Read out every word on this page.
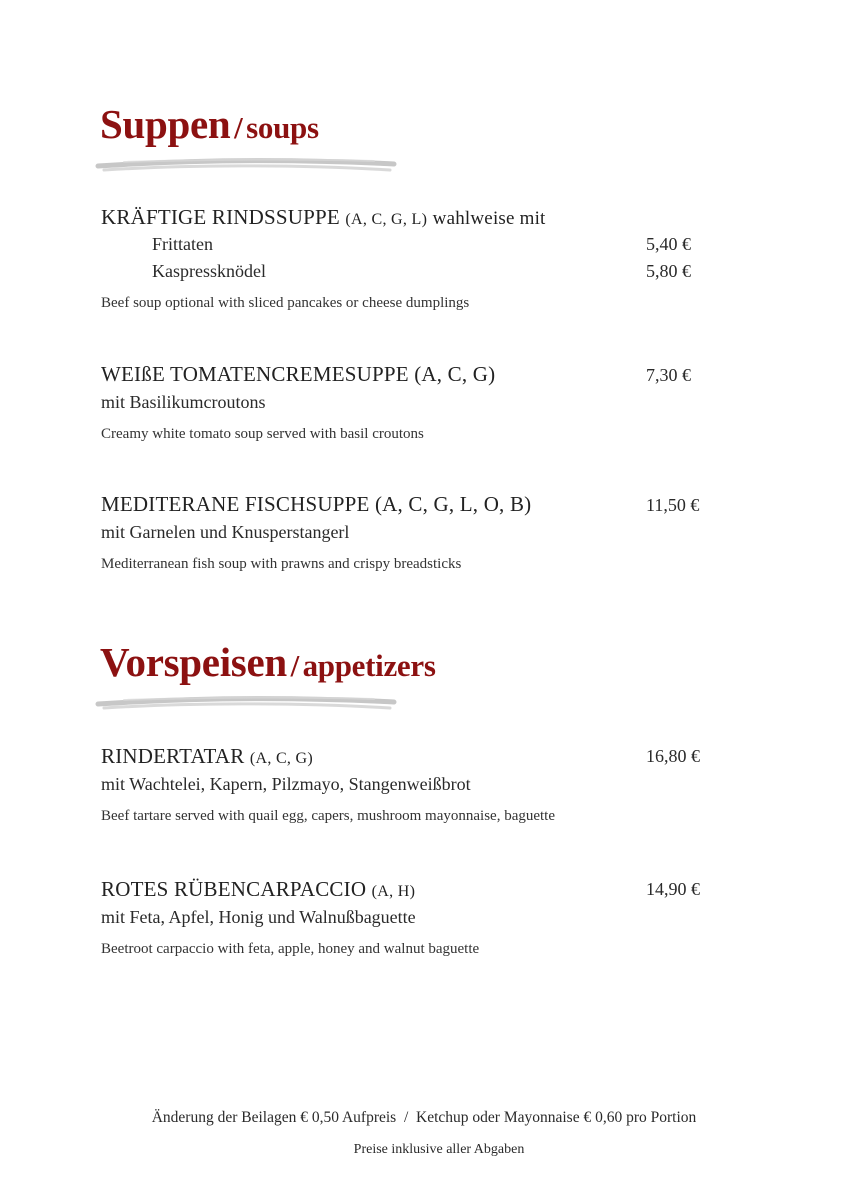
Suppen / soups
KRÄFTIGE RINDSSUPPE (A, C, G, L) wahlweise mit
Frittaten	5,40 €
Kaspressknödel	5,80 €
Beef soup optional with sliced pancakes or cheese dumplings
WEIßE TOMATENCREMESUPPE (A, C, G)	7,30 €
mit Basilikumcroutons
Creamy white tomato soup served with basil croutons
MEDITERANE FISCHSUPPE (A, C, G, L, O, B)	11,50 €
mit Garnelen und Knusperstangerl
Mediterranean fish soup with prawns and crispy breadsticks
Vorspeisen / appetizers
RINDERTATAR (A, C, G)	16,80 €
mit Wachtelei, Kapern, Pilzmayo, Stangenweißbrot
Beef tartare served with quail egg, capers, mushroom mayonnaise, baguette
ROTES RÜBENCARPACCIO (A, H)	14,90 €
mit Feta, Apfel, Honig und Walnußbaguette
Beetroot carpaccio with feta, apple, honey and walnut baguette
Änderung der Beilagen € 0,50 Aufpreis  /  Ketchup oder Mayonnaise € 0,60 pro Portion
Preise inklusive aller Abgaben
